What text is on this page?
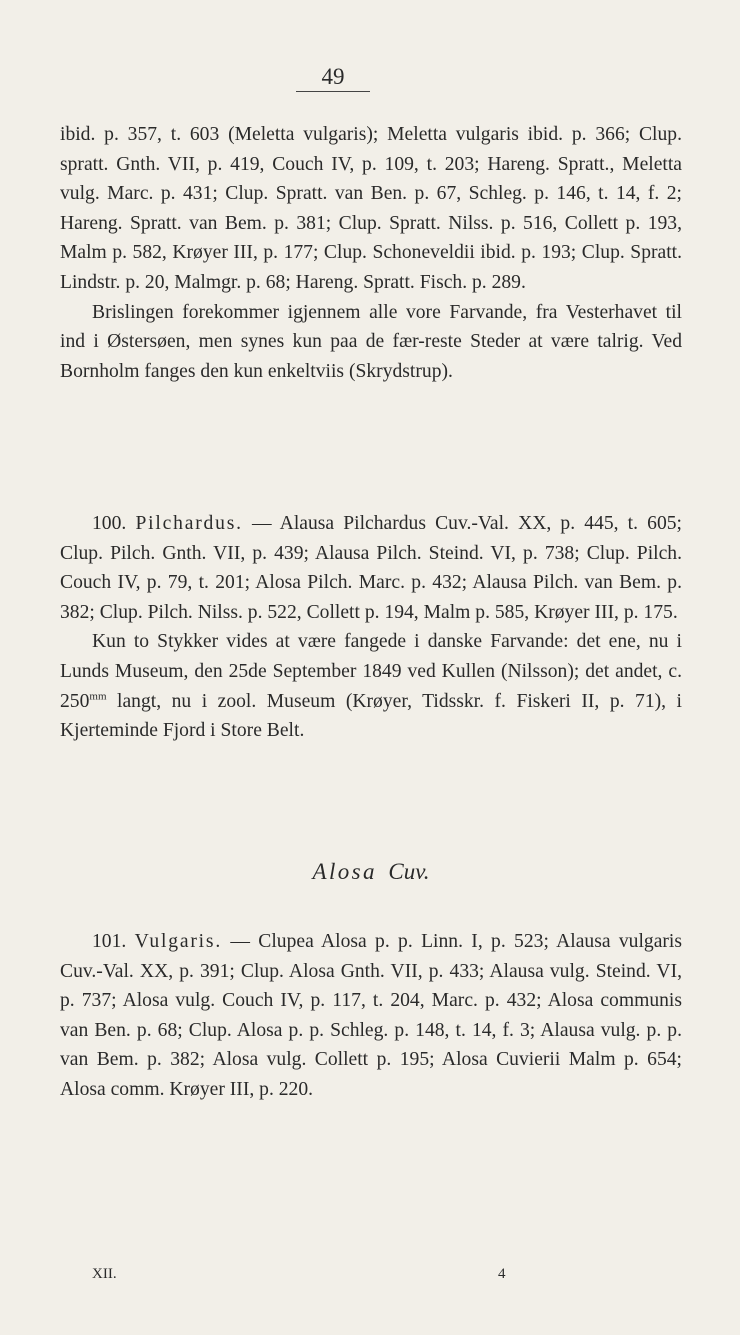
49

ibid. p. 357, t. 603 (Meletta vulgaris); Meletta vulgaris ibid. p. 366; Clup. spratt. Gnth. VII, p. 419, Couch IV, p. 109, t. 203; Hareng. Spratt., Meletta vulg. Marc. p. 431; Clup. Spratt. van Ben. p. 67, Schleg. p. 146, t. 14, f. 2; Hareng. Spratt. van Bem. p. 381; Clup. Spratt. Nilss. p. 516, Collett p. 193, Malm p. 582, Krøyer III, p. 177; Clup. Schoneveldii ibid. p. 193; Clup. Spratt. Lindstr. p. 20, Malmgr. p. 68; Hareng. Spratt. Fisch. p. 289.

Brislingen forekommer igjennem alle vore Farvande, fra Vesterhavet til ind i Østersøen, men synes kun paa de fær-reste Steder at være talrig. Ved Bornholm fanges den kun enkeltviis (Skrydstrup).

100. Pilchardus. — Alausa Pilchardus Cuv.-Val. XX, p. 445, t. 605; Clup. Pilch. Gnth. VII, p. 439; Alausa Pilch. Steind. VI, p. 738; Clup. Pilch. Couch IV, p. 79, t. 201; Alosa Pilch. Marc. p. 432; Alausa Pilch. van Bem. p. 382; Clup. Pilch. Nilss. p. 522, Collett p. 194, Malm p. 585, Krøyer III, p. 175.

Kun to Stykker vides at være fangede i danske Farvande: det ene, nu i Lunds Museum, den 25de September 1849 ved Kullen (Nilsson); det andet, c. $250^{mm}$ langt, nu i zool. Museum (Krøyer, Tidsskr. f. Fiskeri II, p. 71), i Kjerteminde Fjord i Store Belt.

Alosa Cuv.

101. Vulgaris. — Clupea Alosa p. p. Linn. I, p. 523; Alausa vulgaris Cuv.-Val. XX, p. 391; Clup. Alosa Gnth. VII, p. 433; Alausa vulg. Steind. VI, p. 737; Alosa vulg. Couch IV, p. 117, t. 204, Marc. p. 432; Alosa communis van Ben. p. 68; Clup. Alosa p. p. Schleg. p. 148, t. 14, f. 3; Alausa vulg. p. p. van Bem. p. 382; Alosa vulg. Collett p. 195; Alosa Cuvierii Malm p. 654; Alosa comm. Krøyer III, p. 220.

XII.	4
